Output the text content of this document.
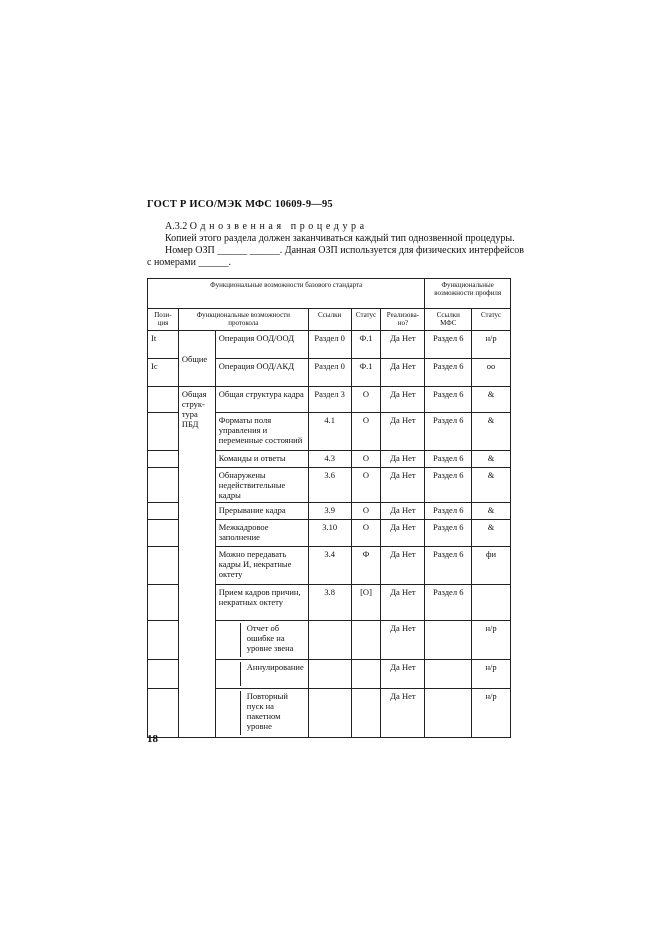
ГОСТ Р ИСО/МЭК МФС 10609-9—95
А.3.2 Однозвенная процедура
Копией этого раздела должен заканчиваться каждый тип однозвенной процедуры.
Номер ОЗП ______ ______. Данная ОЗП используется для физических интерфейсов
с номерами ______.
Функциональные возможности базового стандарта						Функциональные возможности профиля	
Пози- ция	Функциональные возможности протокола		Ссылки	Статус	Реализова- но?	Ссылки МФС	Статус
It	Общие	Операция ООД/ООД	Раздел 0	Ф.1	Да Нет	Раздел 6	н/р
Ic		Операция ООД/АКД	Раздел 0	Ф.1	Да Нет	Раздел 6	оо
	Общая струк- тура ПБД	Общая структура кадра	Раздел 3	О	Да Нет	Раздел 6	&
		Форматы поля управления и переменные состояний	4.1	О	Да Нет	Раздел 6	&
		Команды и ответы	4.3	О	Да Нет	Раздел 6	&
		Обнаружены недействительные кадры	3.6	О	Да Нет	Раздел 6	&
		Прерывание кадра	3.9	О	Да Нет	Раздел 6	&
		Межкадровое заполнение	3.10	О	Да Нет	Раздел 6	&
		Можно передавать кадры И, некратные октету	3.4	Ф	Да Нет	Раздел 6	фи
		Прием кадров причин, некратных октету	3.8	[О]	Да Нет	Раздел 6	

		Отчет об ошибке на уровне звена			Да Нет		н/р

		Аннулирование			Да Нет		н/р

		Повторный пуск на пакетном уровне			Да Нет		н/р
18
